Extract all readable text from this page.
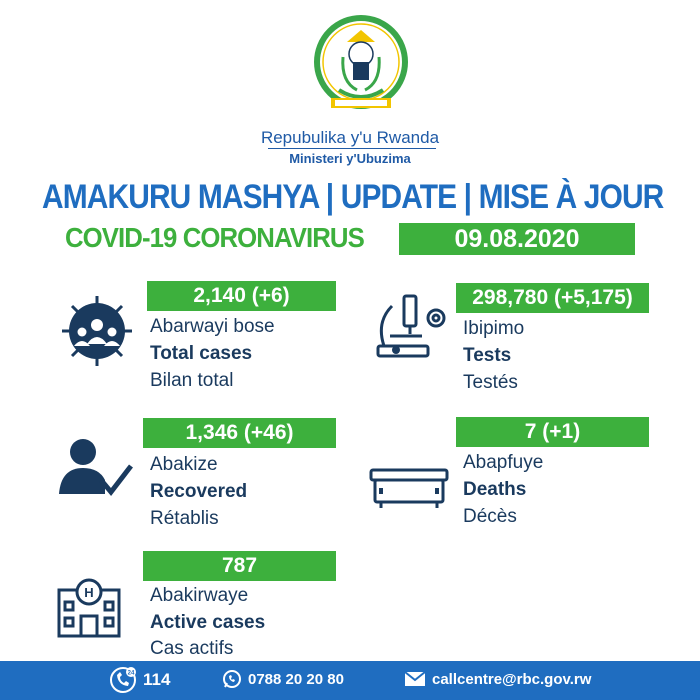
Repubulika y'u Rwanda
Ministeri y'Ubuzima
AMAKURU MASHYA | UPDATE | MISE À JOUR
COVID-19 CORONAVIRUS	09.08.2020
2,140 (+6)
Abarwayi bose
Total cases
Bilan total
298,780 (+5,175)
Ibipimo
Tests
Testés
1,346 (+46)
Abakize
Recovered
Rétablis
7 (+1)
Abapfuye
Deaths
Décès
H
787
Abakirwaye
Active cases
Cas actifs
24 114	0788 20 20 80	callcentre@rbc.gov.rw
